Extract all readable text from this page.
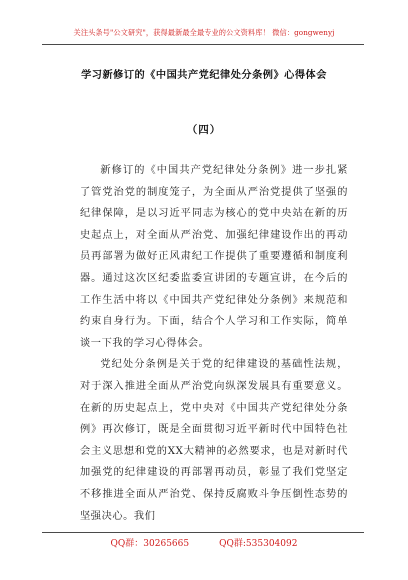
关注头条号"公文研究"，获得最新最全最专业的公文资料库！ 微信：gongwenyj
学习新修订的《中国共产党纪律处分条例》心得体会
（四）

新修订的《中国共产党纪律处分条例》进一步扎紧了管党治党的制度笼子，为全面从严治党提供了坚强的纪律保障，是以习近平同志为核心的党中央站在新的历史起点上，对全面从严治党、加强纪律建设作出的再动员再部署为做好正风肃纪工作提供了重要遵循和制度利器。通过这次区纪委监委宣讲团的专题宣讲，在今后的工作生活中将以《中国共产党纪律处分条例》来规范和约束自身行为。下面，结合个人学习和工作实际，简单谈一下我的学习心得体会。

党纪处分条例是关于党的纪律建设的基础性法规，对于深入推进全面从严治党向纵深发展具有重要意义。在新的历史起点上，党中央对《中国共产党纪律处分条例》再次修订，既是全面贯彻习近平新时代中国特色社会主义思想和党的XX大精神的必然要求，也是对新时代加强党的纪律建设的再部署再动员，彰显了我们党坚定不移推进全面从严治党、保持反腐败斗争压倒性态势的坚强决心。我们

QQ群：30265665	QQ群:535304092
